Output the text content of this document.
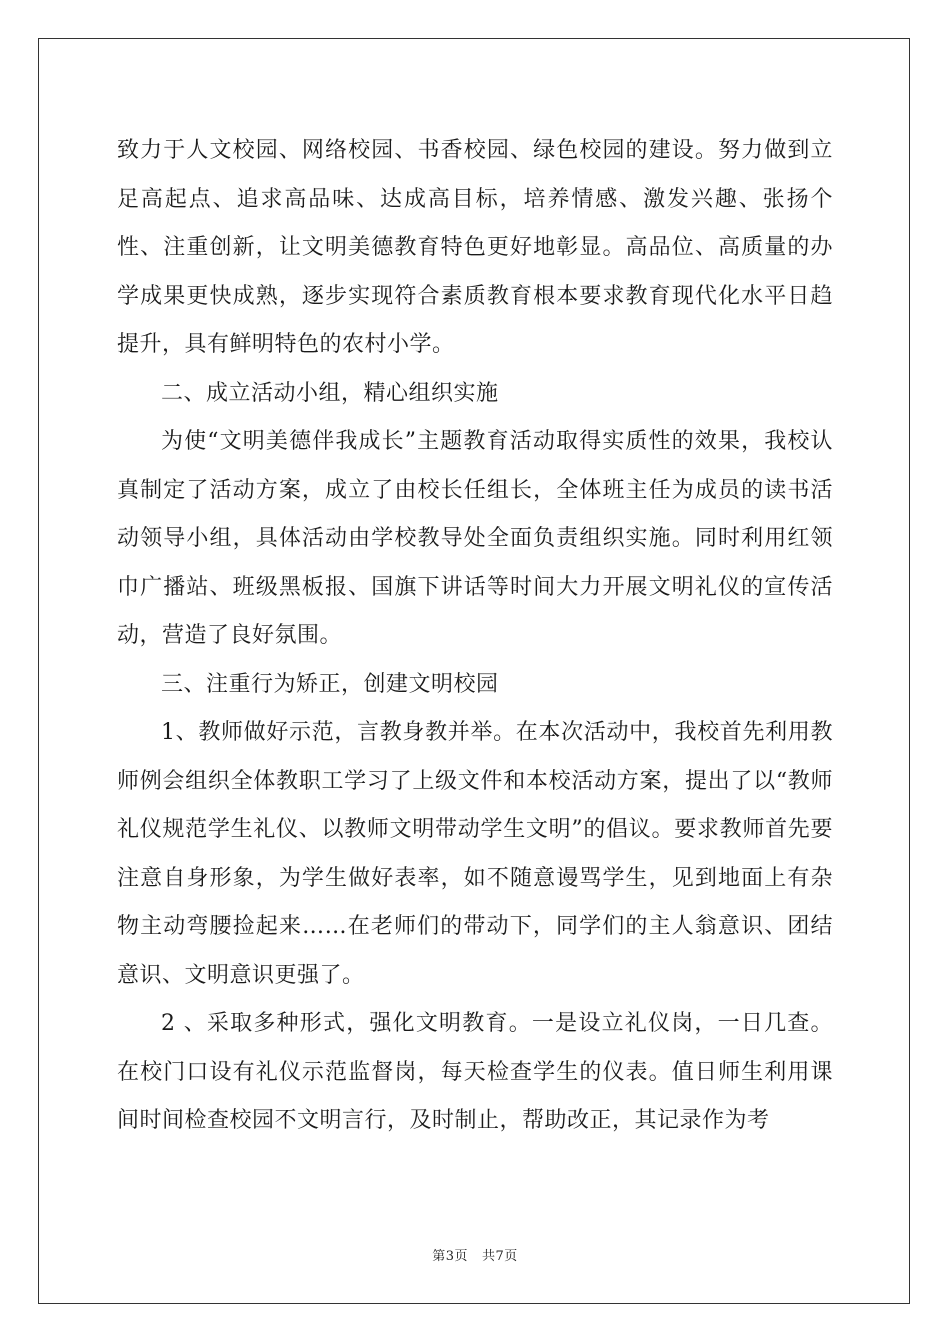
致力于人文校园、网络校园、书香校园、绿色校园的建设。努力做到立足高起点、追求高品味、达成高目标，培养情感、激发兴趣、张扬个性、注重创新，让文明美德教育特色更好地彰显。高品位、高质量的办学成果更快成熟，逐步实现符合素质教育根本要求教育现代化水平日趋提升，具有鲜明特色的农村小学。

二、成立活动小组，精心组织实施

为使“文明美德伴我成长”主题教育活动取得实质性的效果，我校认真制定了活动方案，成立了由校长任组长，全体班主任为成员的读书活动领导小组，具体活动由学校教导处全面负责组织实施。同时利用红领巾广播站、班级黑板报、国旗下讲话等时间大力开展文明礼仪的宣传活动，营造了良好氛围。

三、注重行为矫正，创建文明校园

1、教师做好示范，言教身教并举。在本次活动中，我校首先利用教师例会组织全体教职工学习了上级文件和本校活动方案，提出了以“教师礼仪规范学生礼仪、以教师文明带动学生文明”的倡议。要求教师首先要注意自身形象，为学生做好表率，如不随意谩骂学生，见到地面上有杂物主动弯腰捡起来……在老师们的带动下，同学们的主人翁意识、团结意识、文明意识更强了。

2 、采取多种形式，强化文明教育。一是设立礼仪岗，一日几查。在校门口设有礼仪示范监督岗，每天检查学生的仪表。值日师生利用课间时间检查校园不文明言行，及时制止，帮助改正，其记录作为考

第3页 共7页
